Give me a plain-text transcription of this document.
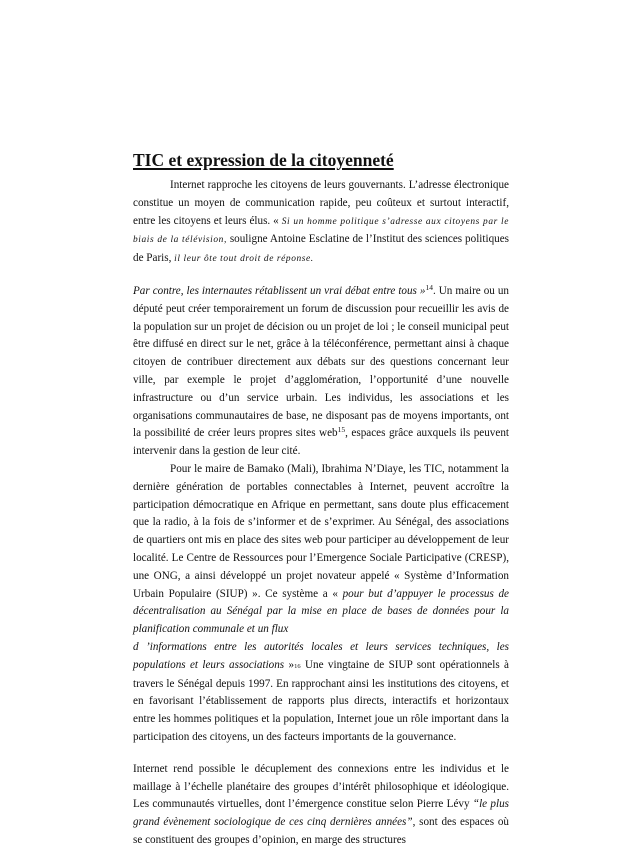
TIC et expression de la citoyenneté

Internet rapproche les citoyens de leurs gouvernants. L’adresse électronique constitue un moyen de communication rapide, peu coûteux et surtout interactif, entre les citoyens et leurs élus. « Si un homme politique s’adresse aux citoyens par le biais de la télévision, souligne Antoine Esclatine de l’Institut des sciences politiques de Paris, il leur ôte tout droit de réponse.

Par contre, les internautes rétablissent un vrai débat entre tous »$^{14}$. Un maire ou un député peut créer temporairement un forum de discussion pour recueillir les avis de la population sur un projet de décision ou un projet de loi ; le conseil municipal peut être diffusé en direct sur le net, grâce à la téléconférence, permettant ainsi à chaque citoyen de contribuer directement aux débats sur des questions concernant leur ville, par exemple le projet d’agglomération, l’opportunité d’une nouvelle infrastructure ou d’un service urbain. Les individus, les associations et les organisations communautaires de base, ne disposant pas de moyens importants, ont la possibilité de créer leurs propres sites web$^{15}$, espaces grâce auxquels ils peuvent intervenir dans la gestion de leur cité.

Pour le maire de Bamako (Mali), Ibrahima N’Diaye, les TIC, notamment la dernière génération de portables connectables à Internet, peuvent accroître la participation démocratique en Afrique en permettant, sans doute plus efficacement que la radio, à la fois de s’informer et de s’exprimer. Au Sénégal, des associations de quartiers ont mis en place des sites web pour participer au développement de leur localité. Le Centre de Ressources pour l’Emergence Sociale Participative (CRESP), une ONG, a ainsi développé un projet novateur appelé « Système d’Information Urbain Populaire (SIUP) ». Ce système a « pour but d’appuyer le processus de décentralisation au Sénégal par la mise en place de bases de données pour la planification communale et un flux
d ’informations entre les autorités locales et leurs services techniques, les populations et leurs associations »16 Une vingtaine de SIUP sont opérationnels à travers le Sénégal depuis 1997. En rapprochant ainsi les institutions des citoyens, et en favorisant l’établissement de rapports plus directs, interactifs et horizontaux entre les hommes politiques et la population, Internet joue un rôle important dans la participation des citoyens, un des facteurs importants de la gouvernance.

Internet rend possible le décuplement des connexions entre les individus et le maillage à l’échelle planétaire des groupes d’intérêt philosophique et idéologique. Les communautés virtuelles, dont l’émergence constitue selon Pierre Lévy “le plus grand évènement sociologique de ces cinq dernières années”, sont des espaces où se constituent des groupes d’opinion, en marge des structures
